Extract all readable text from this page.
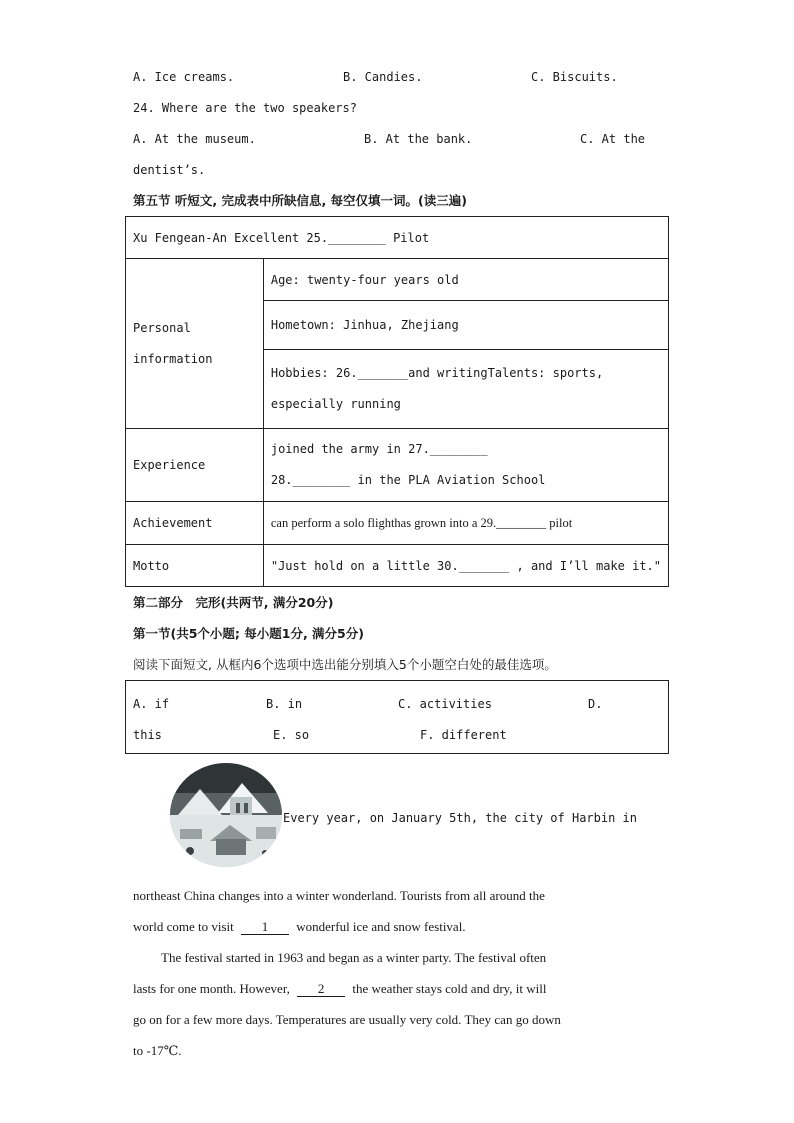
A. Ice creams.	B. Candies.	C. Biscuits.
24. Where are the two speakers?
A. At the museum.	B. At the bank.	C. At the
dentist’s.
第五节 听短文, 完成表中所缺信息, 每空仅填一词。(读三遍)
Xu Fengean-An Excellent 25.________ Pilot	

Personal
information	Age: twenty-four years old
	Hometown: Jinhua, Zhejiang

	Hobbies: 26._______and writingTalents: sports,
especially running

Experience	joined the army in 27.________
28.________ in the PLA Aviation School

Achievement	can perform a solo flighthas grown into a 29.________ pilot
Motto	"Just hold on a little 30._______ , and I’ll make it."
第二部分　完形(共两节, 满分20分)
第一节(共5个小题; 每小题1分, 满分5分)
阅读下面短文, 从框内6个选项中选出能分别填入5个小题空白处的最佳选项。
A. if	B. in	C. activities	D.
this	E. so	F. different
Every year, on January 5th, the city of Harbin in
northeast China changes into a winter wonderland. Tourists from all around the
world come to visit 1 wonderful ice and snow festival.
The festival started in 1963 and began as a winter party. The festival often
lasts for one month. However, 2 the weather stays cold and dry, it will
go on for a few more days. Temperatures are usually very cold. They can go down
to -17℃.
